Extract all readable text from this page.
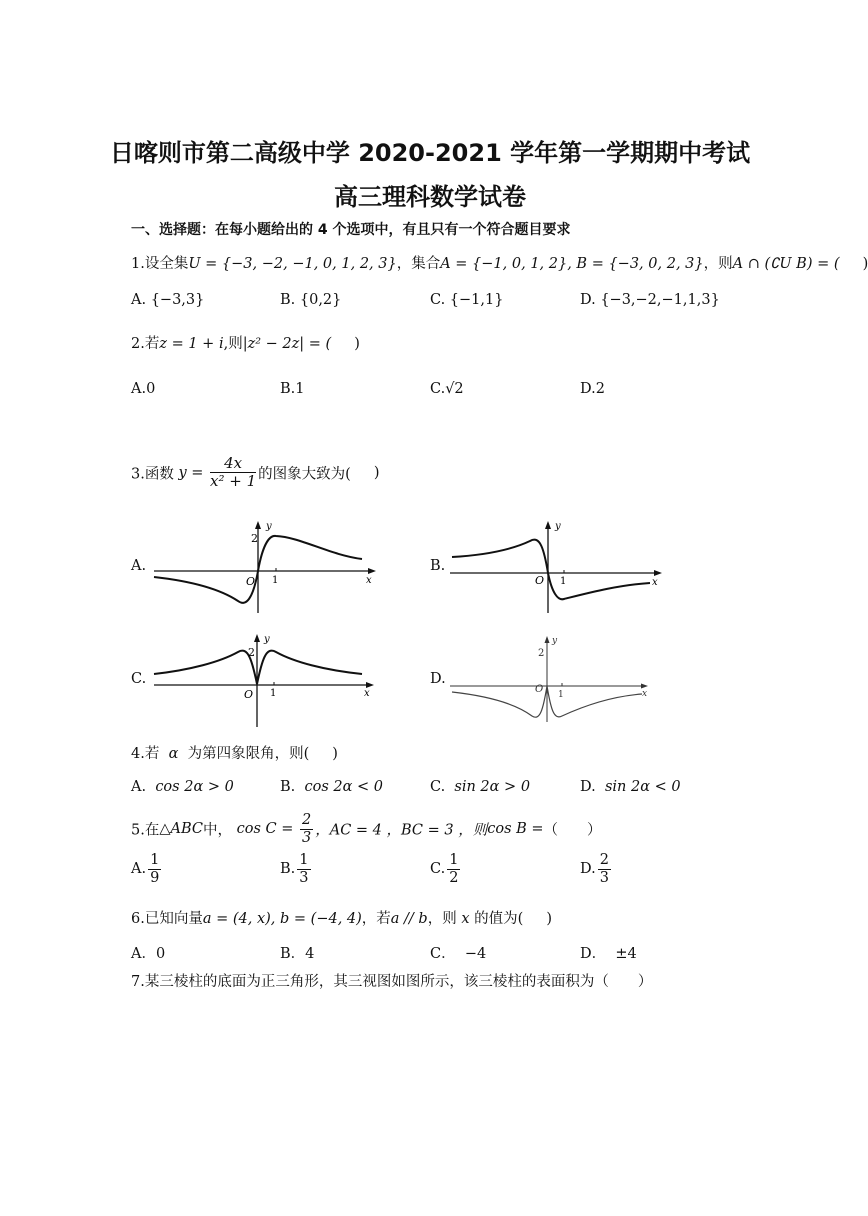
日喀则市第二高级中学 2020-2021 学年第一学期期中考试
高三理科数学试卷
一、选择题：在每小题给出的 4 个选项中，有且只有一个符合题目要求
1.设全集U = {−3, −2, −1, 0, 1, 2, 3}，集合A = {−1, 0, 1, 2}, B = {−3, 0, 2, 3}，则A ∩ (∁U B) = ( )
A. {−3,3}	B. {0,2}	C. {−1,1}	D. {−3,−2,−1,1,3}
2.若z = 1 + i,则|z² − 2z| = ( )
A.0	B.1	C.√2	D.2
3.函数 $y = \frac{4x}{\text{x² + 1}}$ 的图象大致为( )
A.	B.
C.	D.
y
2
O 1	x
y
O 1	x
y
2
O 1	x
y
2
O 1	x
4.若 α 为第四象限角，则( )
A. cos 2α > 0	B. cos 2α < 0	C. sin 2α > 0	D. sin 2α < 0
5.在△ABC中， $\cos C = \frac{2}{3}$ ，AC = 4 ，BC = 3 ，则cos B =（　　）
A. $\frac{1}{9}$	B. $\frac{1}{3}$	C. $\frac{1}{2}$	D. $\frac{2}{3}$
6.已知向量a = (4, x), b = (−4, 4)，若a // b，则 x 的值为( )
A．0	B．4	C． −4	D． ±4
7.某三棱柱的底面为正三角形，其三视图如图所示，该三棱柱的表面积为（　　）
